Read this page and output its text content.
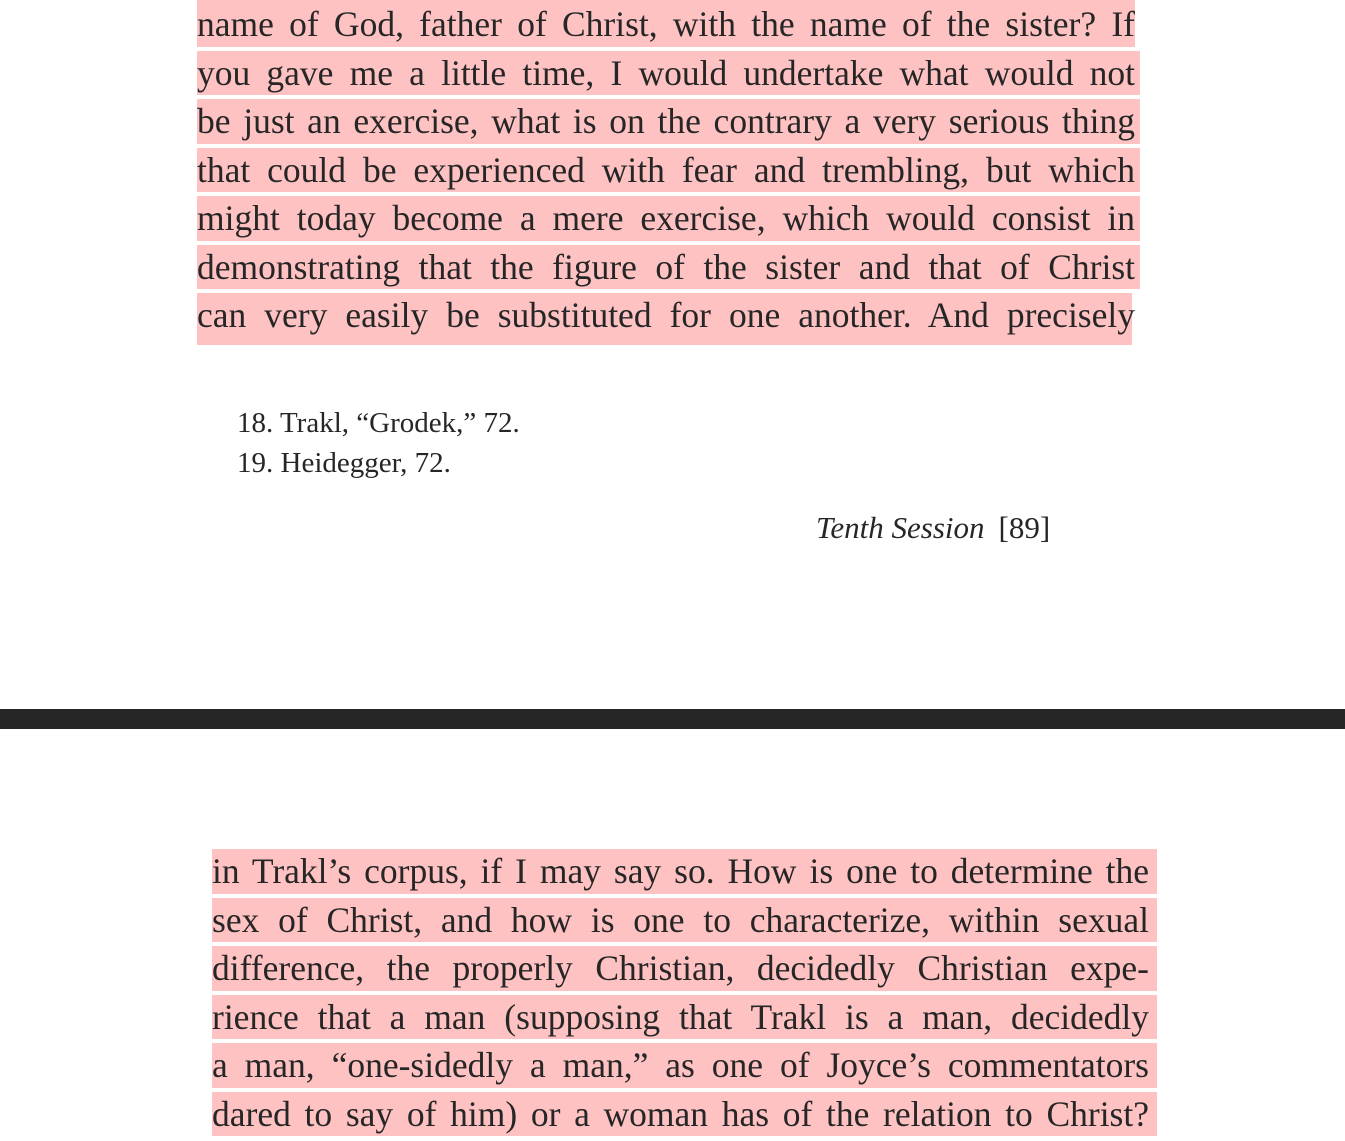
name of God, father of Christ, with the name of the sister? If
you gave me a little time, I would undertake what would not
be just an exercise, what is on the contrary a very serious thing
that could be experienced with fear and trembling, but which
might today become a mere exercise, which would consist in
demonstrating that the figure of the sister and that of Christ
can very easily be substituted for one another. And precisely
18. Trakl, “Grodek,” 72.
19. Heidegger, 72.
Tenth Session [89]
in Trakl’s corpus, if I may say so. How is one to determine the
sex of Christ, and how is one to characterize, within sexual
difference, the properly Christian, decidedly Christian expe-
rience that a man (supposing that Trakl is a man, decidedly
a man, “one-sidedly a man,” as one of Joyce’s commentators
dared to say of him) or a woman has of the relation to Christ?
